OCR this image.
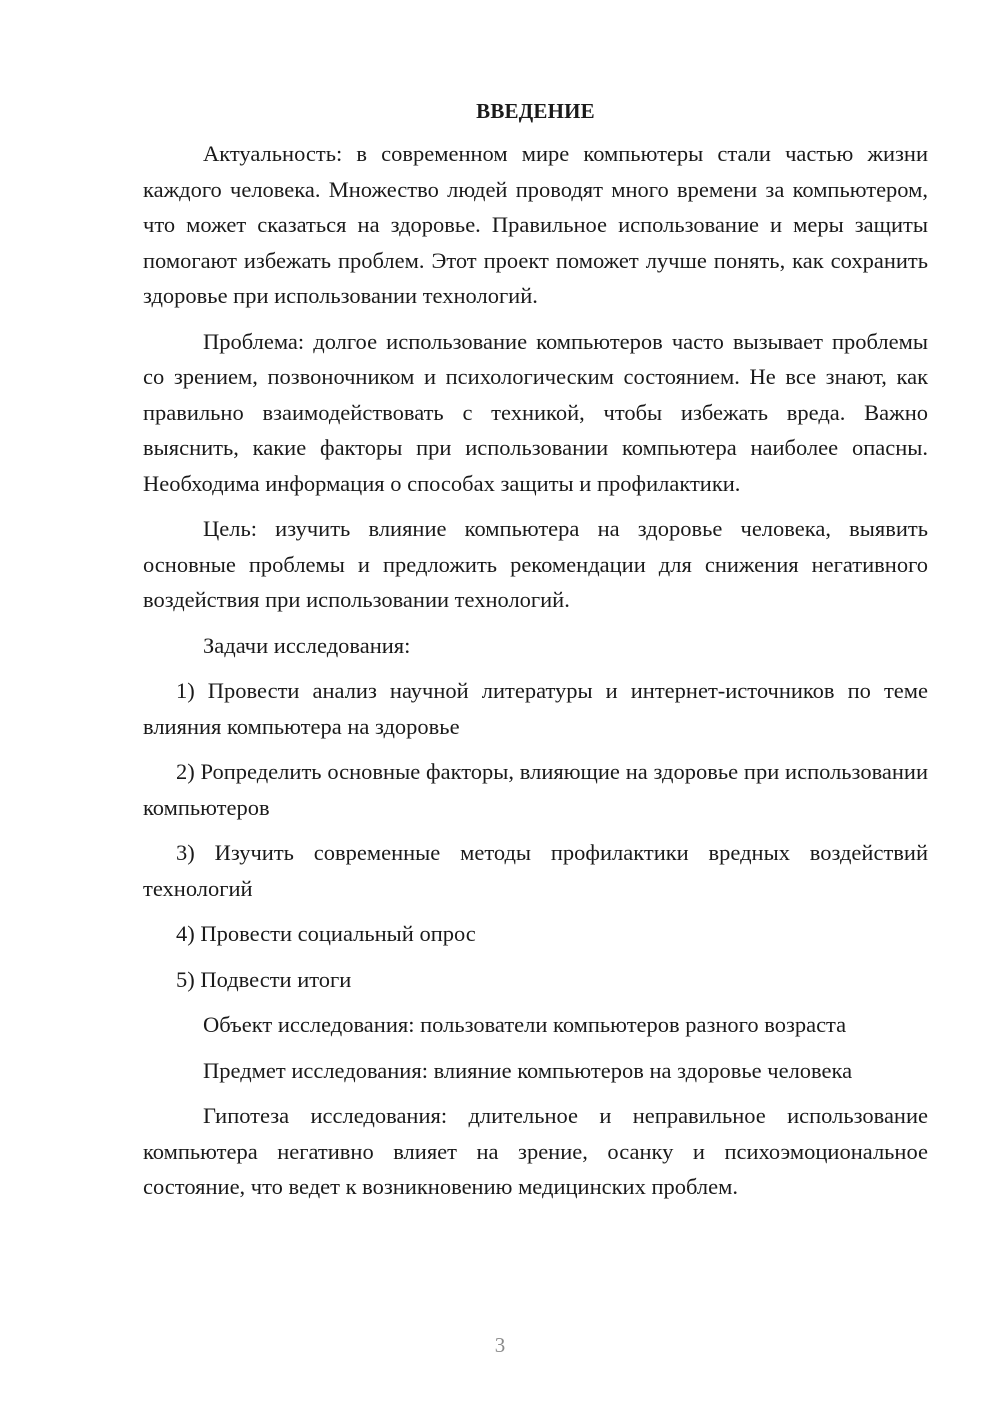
ВВЕДЕНИЕ

Актуальность: в современном мире компьютеры стали частью жизни каждого человека. Множество людей проводят много времени за компьютером, что может сказаться на здоровье. Правильное использование и меры защиты помогают избежать проблем. Этот проект поможет лучше понять, как сохранить здоровье при использовании технологий.

Проблема: долгое использование компьютеров часто вызывает проблемы со зрением, позвоночником и психологическим состоянием. Не все знают, как правильно взаимодействовать с техникой, чтобы избежать вреда. Важно выяснить, какие факторы при использовании компьютера наиболее опасны. Необходима информация о способах защиты и профилактики.

Цель: изучить влияние компьютера на здоровье человека, выявить основные проблемы и предложить рекомендации для снижения негативного воздействия при использовании технологий.

Задачи исследования:

1) Провести анализ научной литературы и интернет-источников по теме влияния компьютера на здоровье

2) Ропределить основные факторы, влияющие на здоровье при использовании компьютеров

3) Изучить современные методы профилактики вредных воздействий технологий

4) Провести социальный опрос

5) Подвести итоги

Объект исследования: пользователи компьютеров разного возраста

Предмет исследования: влияние компьютеров на здоровье человека

Гипотеза исследования: длительное и неправильное использование компьютера негативно влияет на зрение, осанку и психоэмоциональное состояние, что ведет к возникновению медицинских проблем.

3
